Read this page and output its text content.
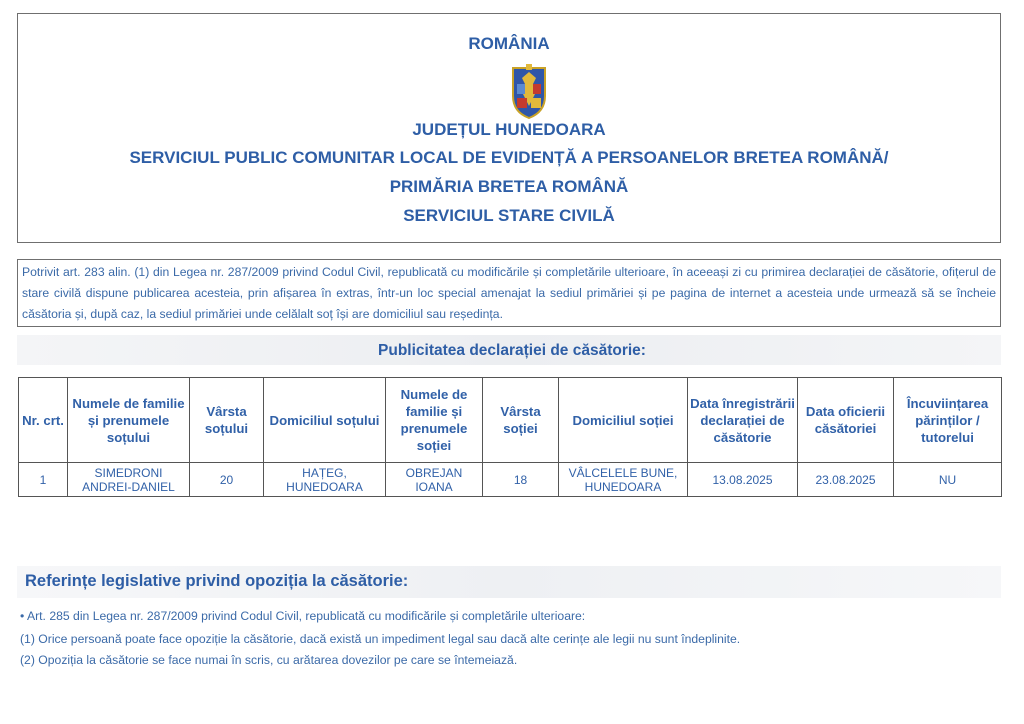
ROMÂNIA
JUDEȚUL HUNEDOARA
SERVICIUL PUBLIC COMUNITAR LOCAL DE EVIDENȚĂ A PERSOANELOR BRETEA ROMÂNĂ/
PRIMĂRIA BRETEA ROMÂNĂ
SERVICIUL STARE CIVILĂ
Potrivit art. 283 alin. (1) din Legea nr. 287/2009 privind Codul Civil, republicată cu modificările și completările ulterioare, în aceeași zi cu primirea declarației de căsătorie, ofițerul de stare civilă dispune publicarea acesteia, prin afișarea în extras, într-un loc special amenajat la sediul primăriei și pe pagina de internet a acesteia unde urmează să se încheie căsătoria și, după caz, la sediul primăriei unde celălalt soț își are domiciliul sau reședința.
Publicitatea declarației de căsătorie:
Nr. crt.	Numele de familie și prenumele soțului	Vârsta soțului	Domiciliul soțului	Numele de familie și prenumele soției	Vârsta soției	Domiciliul soției	Data înregistrării declarației de căsătorie	Data oficierii căsătoriei	Încuviințarea părinților / tutorelui
1	SIMEDRONI ANDREI-DANIEL	20	HAȚEG, HUNEDOARA	OBREJAN IOANA	18	VÂLCELELE BUNE, HUNEDOARA	13.08.2025	23.08.2025	NU
Referințe legislative privind opoziția la căsătorie:
• Art. 285 din Legea nr. 287/2009 privind Codul Civil, republicată cu modificările și completările ulterioare:
(1) Orice persoană poate face opoziție la căsătorie, dacă există un impediment legal sau dacă alte cerințe ale legii nu sunt îndeplinite.
(2) Opoziția la căsătorie se face numai în scris, cu arătarea dovezilor pe care se întemeiază.
